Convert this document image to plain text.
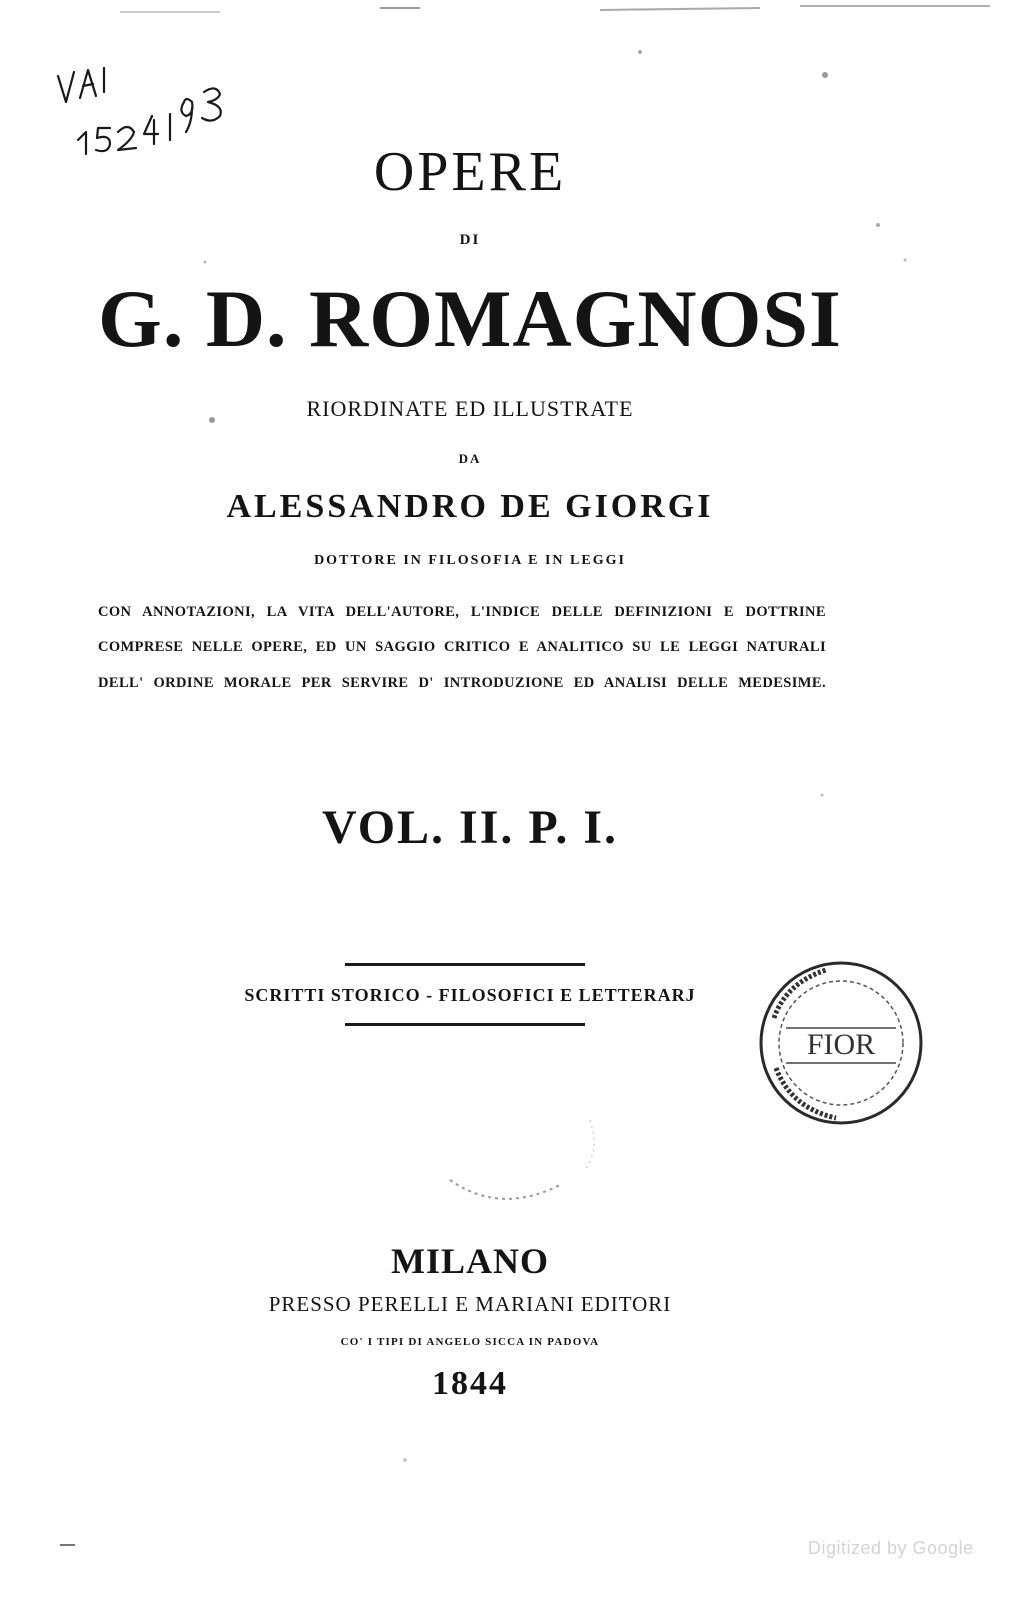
OPERE
DI
G. D. ROMAGNOSI
RIORDINATE ED ILLUSTRATE
DA
ALESSANDRO DE GIORGI
DOTTORE IN FILOSOFIA E IN LEGGI
CON ANNOTAZIONI, LA VITA DELL'AUTORE, L'INDICE DELLE DEFINIZIONI E DOTTRINE
COMPRESE NELLE OPERE, ED UN SAGGIO CRITICO E ANALITICO SU LE LEGGI NATURALI
DELL' ORDINE MORALE PER SERVIRE D' INTRODUZIONE ED ANALISI DELLE MEDESIME.
VOL. II. P. I.
SCRITTI STORICO - FILOSOFICI E LETTERARJ
FIOR
MILANO
PRESSO PERELLI E MARIANI EDITORI
CO' I TIPI DI ANGELO SICCA IN PADOVA
1844
Digitized by Google
